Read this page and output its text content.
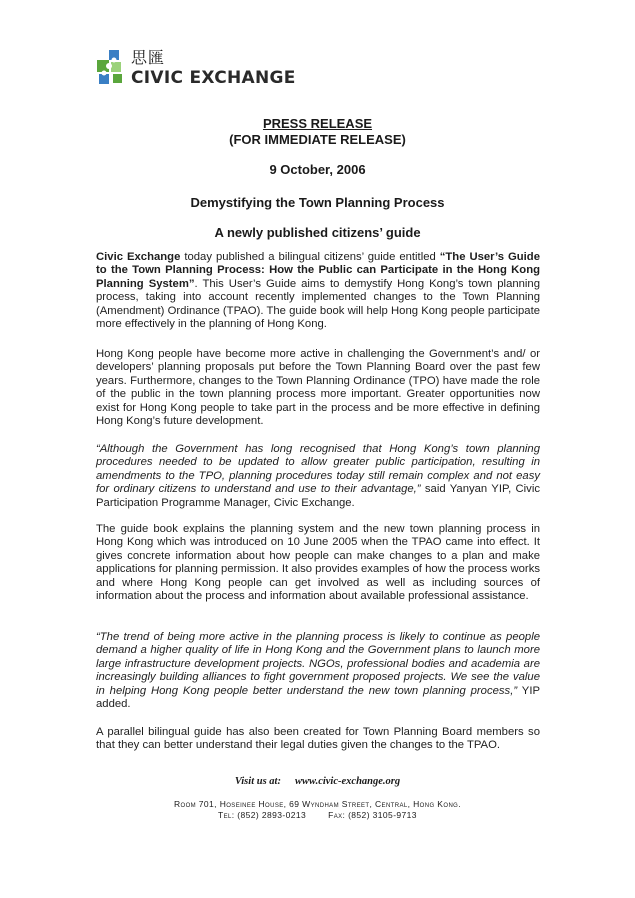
思匯
CIVIC EXCHANGE

PRESS RELEASE

(FOR IMMEDIATE RELEASE)

9 October, 2006

Demystifying the Town Planning Process

A newly published citizens’ guide

Civic Exchange today published a bilingual citizens’ guide entitled “The User’s Guide to the Town Planning Process: How the Public can Participate in the Hong Kong Planning System”. This User’s Guide aims to demystify Hong Kong’s town planning process, taking into account recently implemented changes to the Town Planning (Amendment) Ordinance (TPAO). The guide book will help Hong Kong people participate more effectively in the planning of Hong Kong.

Hong Kong people have become more active in challenging the Government’s and/ or developers’ planning proposals put before the Town Planning Board over the past few years. Furthermore, changes to the Town Planning Ordinance (TPO) have made the role of the public in the town planning process more important. Greater opportunities now exist for Hong Kong people to take part in the process and be more effective in defining Hong Kong’s future development.

“Although the Government has long recognised that Hong Kong’s town planning procedures needed to be updated to allow greater public participation, resulting in amendments to the TPO, planning procedures today still remain complex and not easy for ordinary citizens to understand and use to their advantage,” said Yanyan YIP, Civic Participation Programme Manager, Civic Exchange.

The guide book explains the planning system and the new town planning process in Hong Kong which was introduced on 10 June 2005 when the TPAO came into effect. It gives concrete information about how people can make changes to a plan and make applications for planning permission. It also provides examples of how the process works and where Hong Kong people can get involved as well as including sources of information about the process and information about available professional assistance.

“The trend of being more active in the planning process is likely to continue as people demand a higher quality of life in Hong Kong and the Government plans to launch more large infrastructure development projects. NGOs, professional bodies and academia are increasingly building alliances to fight government proposed projects. We see the value in helping Hong Kong people better understand the new town planning process,” YIP added.

A parallel bilingual guide has also been created for Town Planning Board members so that they can better understand their legal duties given the changes to the TPAO.

Visit us at: www.civic-exchange.org

Room 701, Hoseinee House, 69 Wyndham Street, Central, Hong Kong.

Tel: (852) 2893-0213	Fax: (852) 3105-9713
